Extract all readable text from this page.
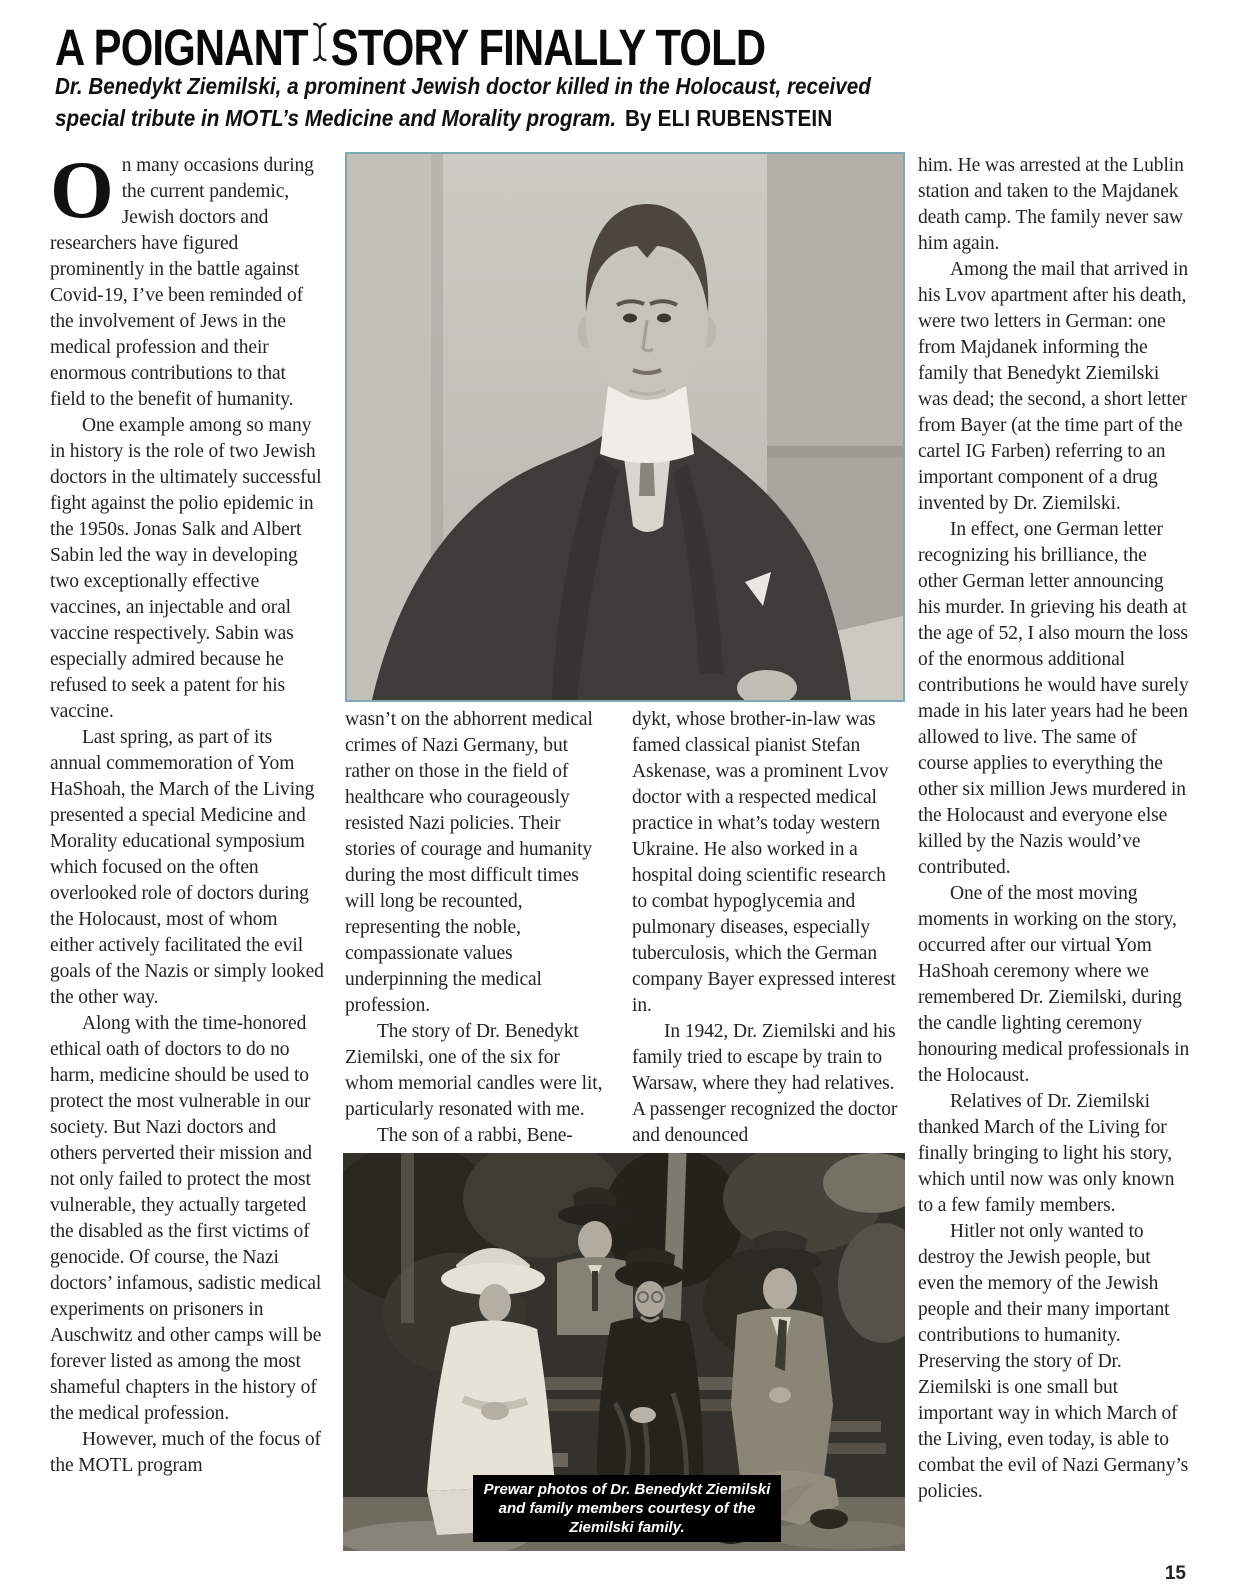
A POIGNANT STORY FINALLY TOLD
Dr. Benedykt Ziemilski, a prominent Jewish doctor killed in the Holocaust, received special tribute in MOTL’s Medicine and Morality program. By ELI RUBENSTEIN

On many occasions during the current pandemic, Jewish doctors and researchers have figured prominently in the battle against Covid-19, I’ve been reminded of the involvement of Jews in the medical profession and their enormous contributions to that field to the benefit of humanity.

One example among so many in history is the role of two Jewish doctors in the ultimately successful fight against the polio epidemic in the 1950s. Jonas Salk and Albert Sabin led the way in developing two exceptionally effective vaccines, an injectable and oral vaccine respectively. Sabin was especially admired because he refused to seek a patent for his vaccine.

Last spring, as part of its annual commemoration of Yom HaShoah, the March of the Living presented a special Medicine and Morality educational symposium which focused on the often overlooked role of doctors during the Holocaust, most of whom either actively facilitated the evil goals of the Nazis or simply looked the other way.

Along with the time-honored ethical oath of doctors to do no harm, medicine should be used to protect the most vulnerable in our society. But Nazi doctors and others perverted their mission and not only failed to protect the most vulnerable, they actually targeted the disabled as the first victims of genocide. Of course, the Nazi doctors’ infamous, sadistic medical experiments on prisoners in Auschwitz and other camps will be forever listed as among the most shameful chapters in the history of the medical profession.

However, much of the focus of the MOTL program

wasn’t on the abhorrent medical crimes of Nazi Germany, but rather on those in the field of healthcare who courageously resisted Nazi policies. Their stories of courage and humanity during the most difficult times will long be recounted, representing the noble, compassionate values underpinning the medical profession.

The story of Dr. Benedykt Ziemilski, one of the six for whom memorial candles were lit, particularly resonated with me.

The son of a rabbi, Bene-

dykt, whose brother-in-law was famed classical pianist Stefan Askenase, was a prominent Lvov doctor with a respected medical practice in what’s today western Ukraine. He also worked in a hospital doing scientific research to combat hypoglycemia and pulmonary diseases, especially tuberculosis, which the German company Bayer expressed interest in.

In 1942, Dr. Ziemilski and his family tried to escape by train to Warsaw, where they had relatives. A passenger recognized the doctor and denounced

him. He was arrested at the Lublin station and taken to the Majdanek death camp. The family never saw him again.

Among the mail that arrived in his Lvov apartment after his death, were two letters in German: one from Majdanek informing the family that Benedykt Ziemilski was dead; the second, a short letter from Bayer (at the time part of the cartel IG Farben) referring to an important component of a drug invented by Dr. Ziemilski.

In effect, one German letter recognizing his brilliance, the other German letter announcing his murder. In grieving his death at the age of 52, I also mourn the loss of the enormous additional contributions he would have surely made in his later years had he been allowed to live. The same of course applies to everything the other six million Jews murdered in the Holocaust and everyone else killed by the Nazis would’ve contributed.

One of the most moving moments in working on the story, occurred after our virtual Yom HaShoah ceremony where we remembered Dr. Ziemilski, during the candle lighting ceremony honouring medical professionals in the Holocaust.

Relatives of Dr. Ziemilski thanked March of the Living for finally bringing to light his story, which until now was only known to a few family members.

Hitler not only wanted to destroy the Jewish people, but even the memory of the Jewish people and their many important contributions to humanity. Preserving the story of Dr. Ziemilski is one small but important way in which March of the Living, even today, is able to combat the evil of Nazi Germany’s policies.

Prewar photos of Dr. Benedykt Ziemilski and family members courtesy of the Ziemilski family.
15
